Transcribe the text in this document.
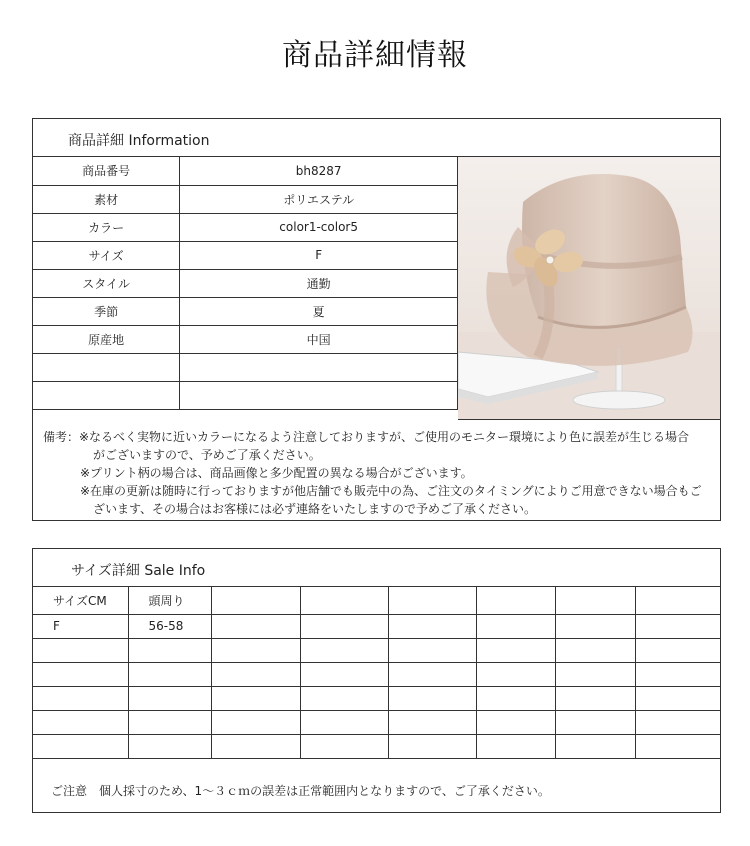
商品詳細情報
商品詳細 Information
商品番号	bh8287
素材	ポリエステル
カラー	color1-color5
サイズ	F
スタイル	通勤
季節	夏
原産地	中国

備考：※なるべく実物に近いカラーになるよう注意しておりますが、ご使用のモニター環境により色に誤差が生じる場合
がございますので、予めご了承ください。
※プリント柄の場合は、商品画像と多少配置の異なる場合がございます。
※在庫の更新は随時に行っておりますが他店舗でも販売中の為、ご注文のタイミングによりご用意できない場合もご
ざいます、その場合はお客様には必ず連絡をいたしますので予めご了承ください。
サイズ詳細 Sale Info
サイズCM	頭周り							
F	56-58							

ご注意　個人採寸のため、1～３ｃｍの誤差は正常範囲内となりますので、ご了承ください。
